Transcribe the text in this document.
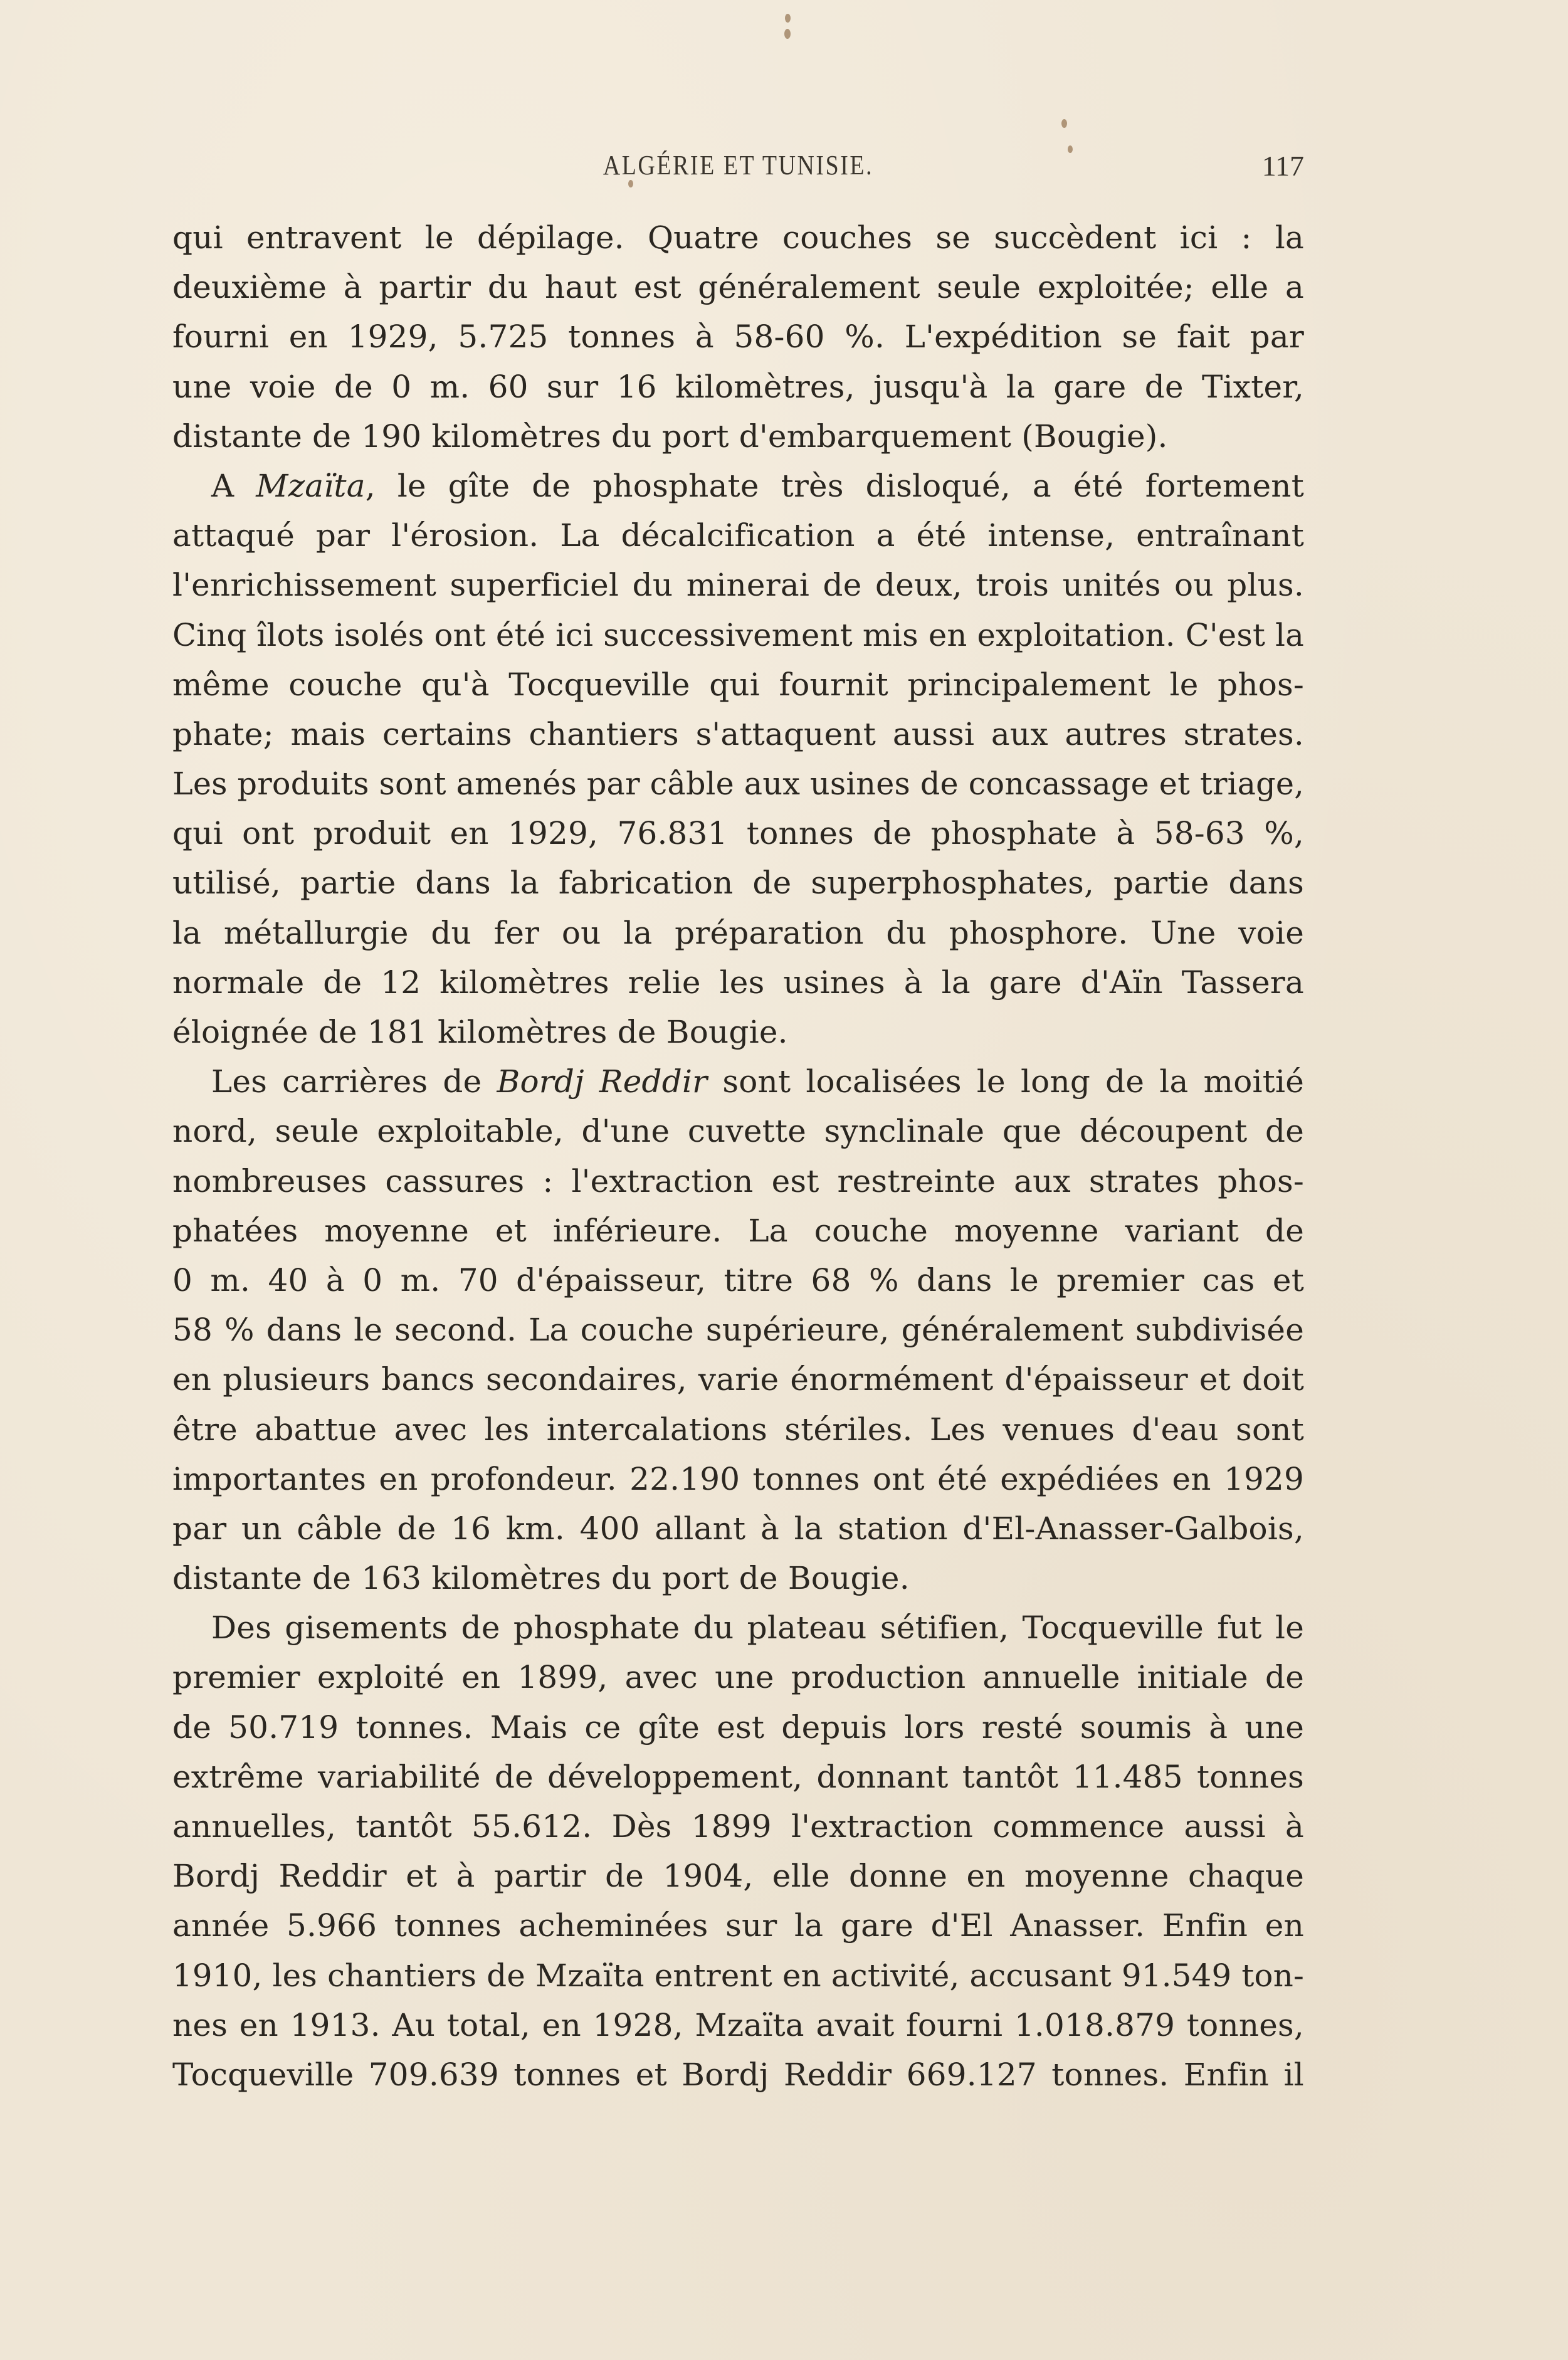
ALGÉRIE ET TUNISIE.	117
qui entravent le dépilage. Quatre couches se succèdent ici : la
deuxième à partir du haut est généralement seule exploitée; elle a
fourni en 1929, 5.725 tonnes à 58-60 %. L'expédition se fait par
une voie de 0 m. 60 sur 16 kilomètres, jusqu'à la gare de Tixter,
distante de 190 kilomètres du port d'embarquement (Bougie).
A Mzaïta, le gîte de phosphate très disloqué, a été fortement
attaqué par l'érosion. La décalcification a été intense, entraînant
l'enrichissement superficiel du minerai de deux, trois unités ou plus.
Cinq îlots isolés ont été ici successivement mis en exploitation. C'est la
même couche qu'à Tocqueville qui fournit principalement le phos-
phate; mais certains chantiers s'attaquent aussi aux autres strates.
Les produits sont amenés par câble aux usines de concassage et triage,
qui ont produit en 1929, 76.831 tonnes de phosphate à 58-63 %,
utilisé, partie dans la fabrication de superphosphates, partie dans
la métallurgie du fer ou la préparation du phosphore. Une voie
normale de 12 kilomètres relie les usines à la gare d'Aïn Tassera
éloignée de 181 kilomètres de Bougie.
Les carrières de Bordj Reddir sont localisées le long de la moitié
nord, seule exploitable, d'une cuvette synclinale que découpent de
nombreuses cassures : l'extraction est restreinte aux strates phos-
phatées moyenne et inférieure. La couche moyenne variant de
0 m. 40 à 0 m. 70 d'épaisseur, titre 68 % dans le premier cas et
58 % dans le second. La couche supérieure, généralement subdivisée
en plusieurs bancs secondaires, varie énormément d'épaisseur et doit
être abattue avec les intercalations stériles. Les venues d'eau sont
importantes en profondeur. 22.190 tonnes ont été expédiées en 1929
par un câble de 16 km. 400 allant à la station d'El-Anasser-Galbois,
distante de 163 kilomètres du port de Bougie.
Des gisements de phosphate du plateau sétifien, Tocqueville fut le
premier exploité en 1899, avec une production annuelle initiale de
de 50.719 tonnes. Mais ce gîte est depuis lors resté soumis à une
extrême variabilité de développement, donnant tantôt 11.485 tonnes
annuelles, tantôt 55.612. Dès 1899 l'extraction commence aussi à
Bordj Reddir et à partir de 1904, elle donne en moyenne chaque
année 5.966 tonnes acheminées sur la gare d'El Anasser. Enfin en
1910, les chantiers de Mzaïta entrent en activité, accusant 91.549 ton-
nes en 1913. Au total, en 1928, Mzaïta avait fourni 1.018.879 tonnes,
Tocqueville 709.639 tonnes et Bordj Reddir 669.127 tonnes. Enfin il
